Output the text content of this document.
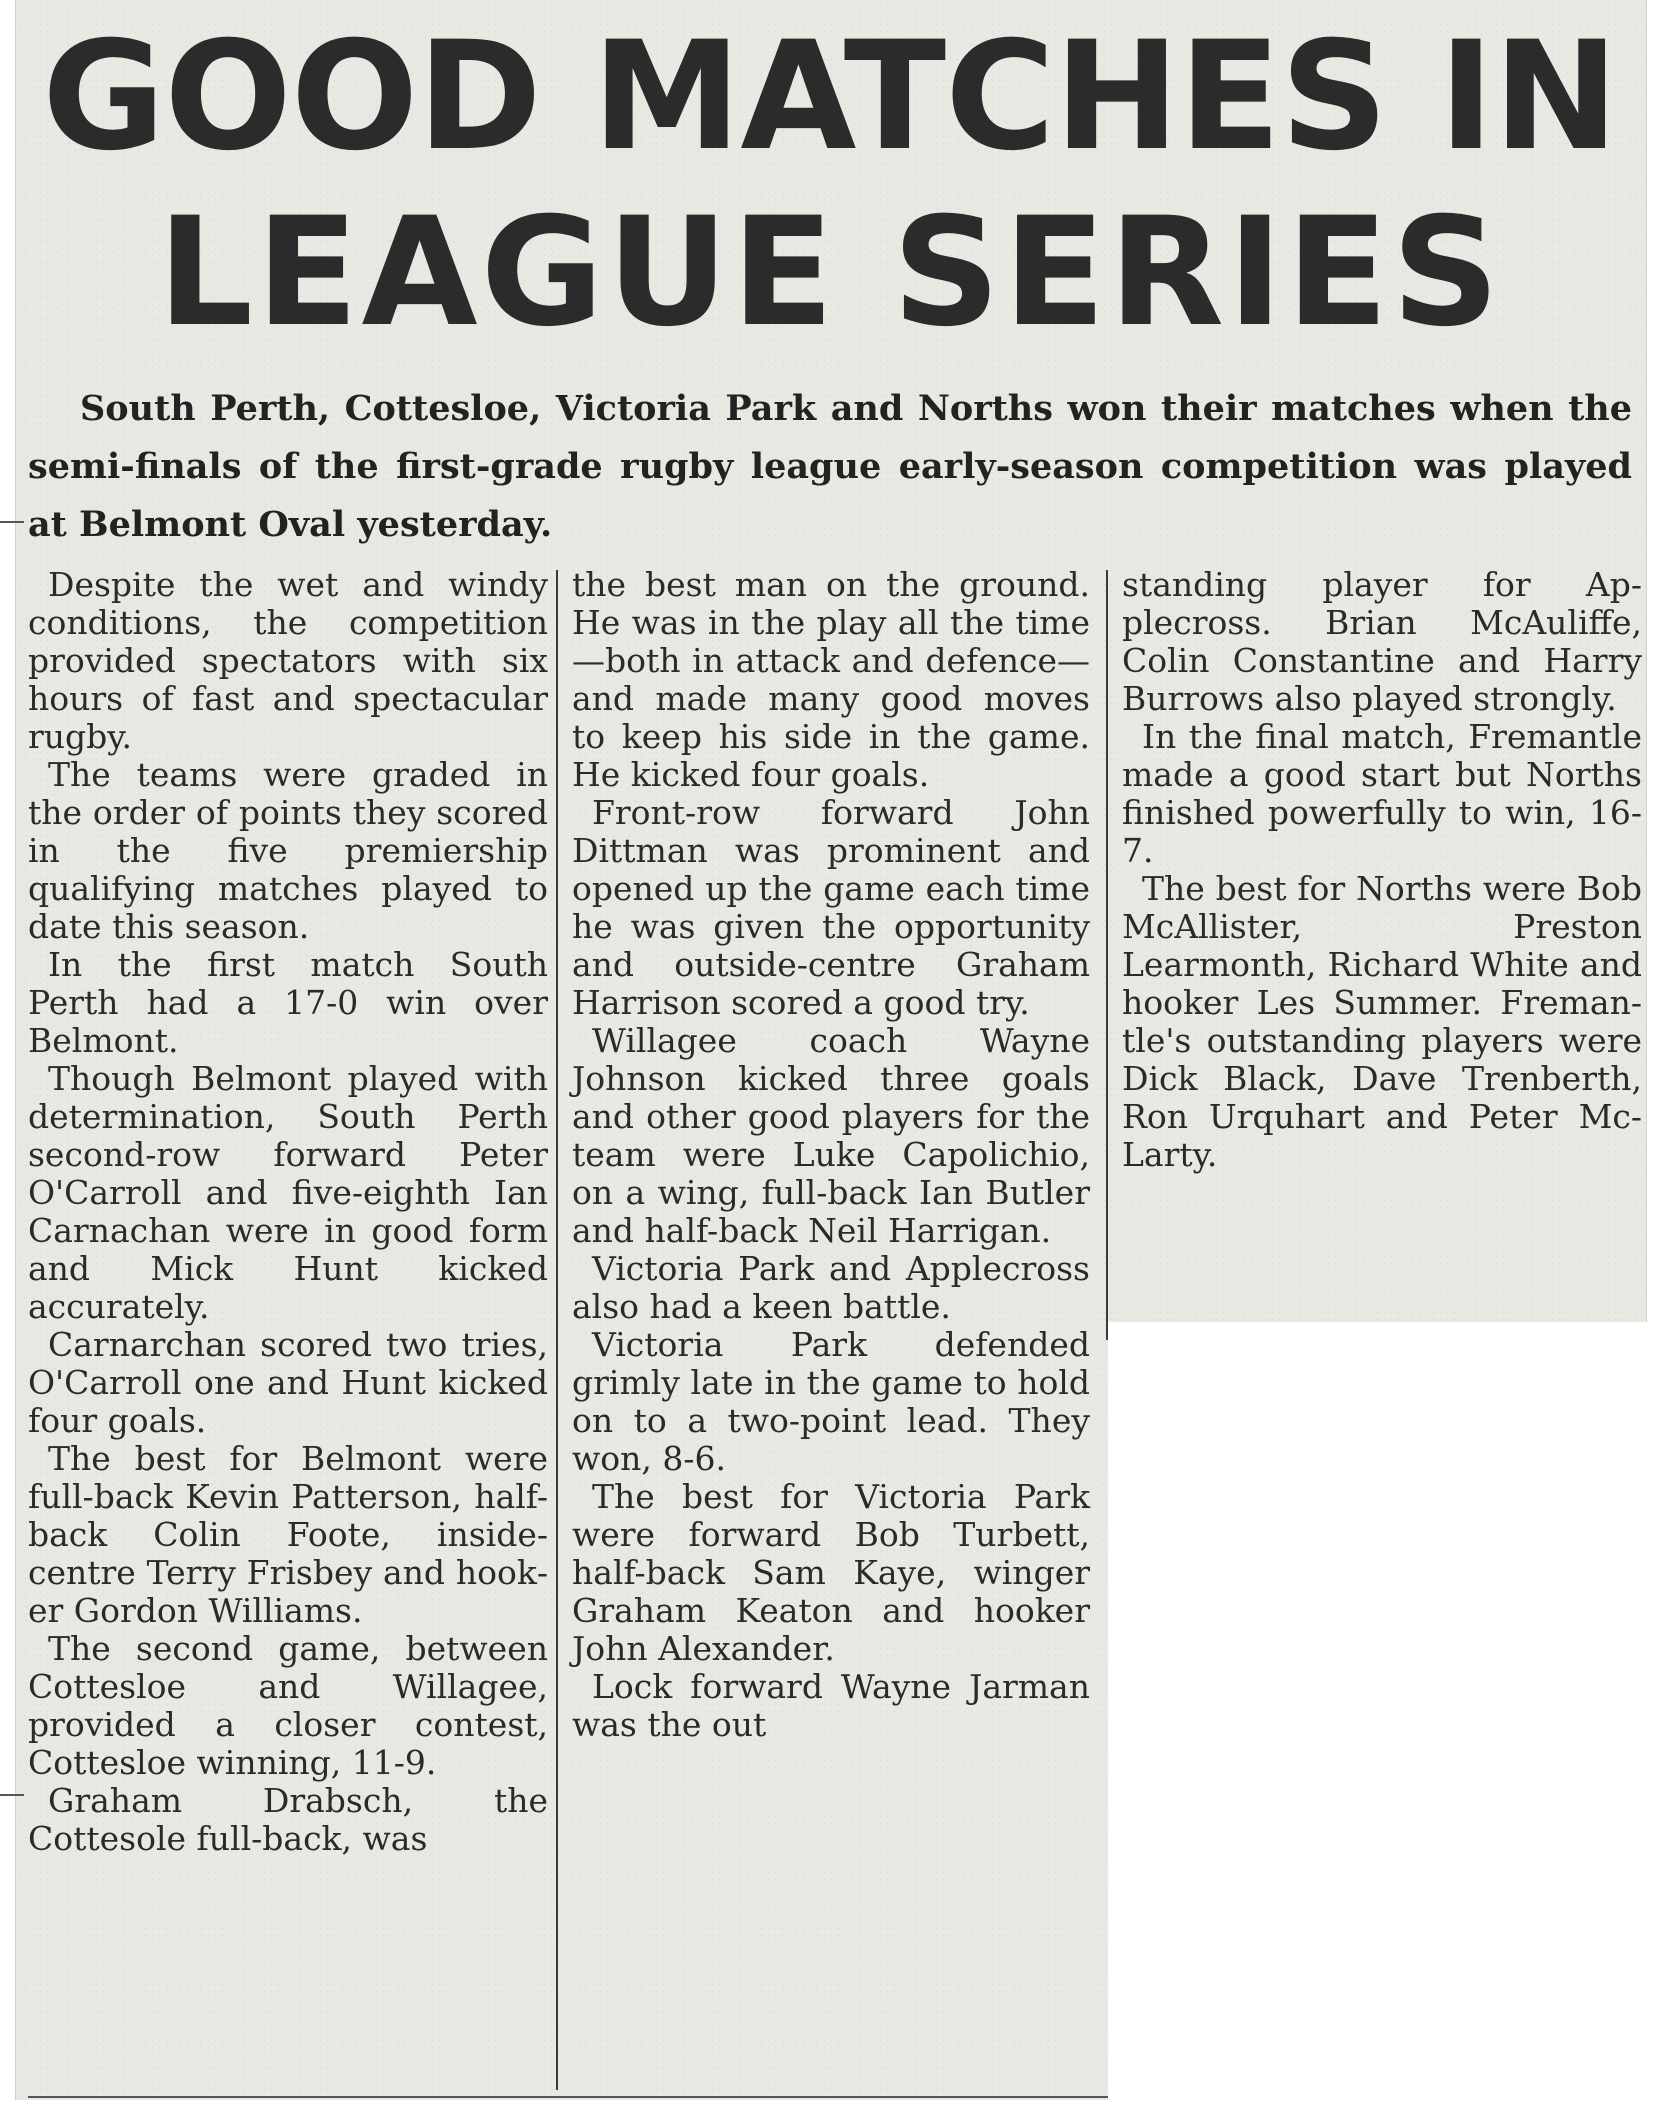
GOOD MATCHES IN
LEAGUE SERIES

South Perth, Cottesloe, Victoria Park and Norths won their matches when the semi-finals of the first-grade rugby league early-season competition was played at Belmont Oval yesterday.

Despite the wet and windy conditions, the competition provided spectators with six hours of fast and spectacular rugby.

The teams were graded in the order of points they scored in the five premiership qualifying matches played to date this season.

In the first match South Perth had a 17-0 win over Belmont.

Though Belmont played with determination, South Perth second-row forward Peter O'Carroll and five-eighth Ian Carnachan were in good form and Mick Hunt kicked accurately.

Carnarchan scored two tries, O'Carroll one and Hunt kicked four goals.

The best for Belmont were full-back Kevin Patterson, half-back Colin Foote, inside-centre Terry Frisbey and hooker Gordon Williams.

The second game, between Cottesloe and Willagee, provided a closer contest, Cottesloe winning, 11-9.

Graham Drabsch, the Cottesole full-back, was

the best man on the ground. He was in the play all the time—both in attack and defence—and made many good moves to keep his side in the game. He kicked four goals.

Front-row forward John Dittman was prominent and opened up the game each time he was given the opportunity and outside-centre Graham Harrison scored a good try.

Willagee coach Wayne Johnson kicked three goals and other good players for the team were Luke Capolichio, on a wing, full-back Ian Butler and half-back Neil Harrigan.

Victoria Park and Applecross also had a keen battle.

Victoria Park defended grimly late in the game to hold on to a two-point lead. They won, 8-6.

The best for Victoria Park were forward Bob Turbett, half-back Sam Kaye, winger Graham Keaton and hooker John Alexander.

Lock forward Wayne Jarman was the out

standing player for Applecross. Brian McAuliffe, Colin Constantine and Harry Burrows also played strongly.

In the final match, Fremantle made a good start but Norths finished powerfully to win, 16-7.

The best for Norths were Bob McAllister, Preston Learmonth, Richard White and hooker Les Summer. Fremantle's outstanding players were Dick Black, Dave Trenberth, Ron Urquhart and Peter McLarty.
